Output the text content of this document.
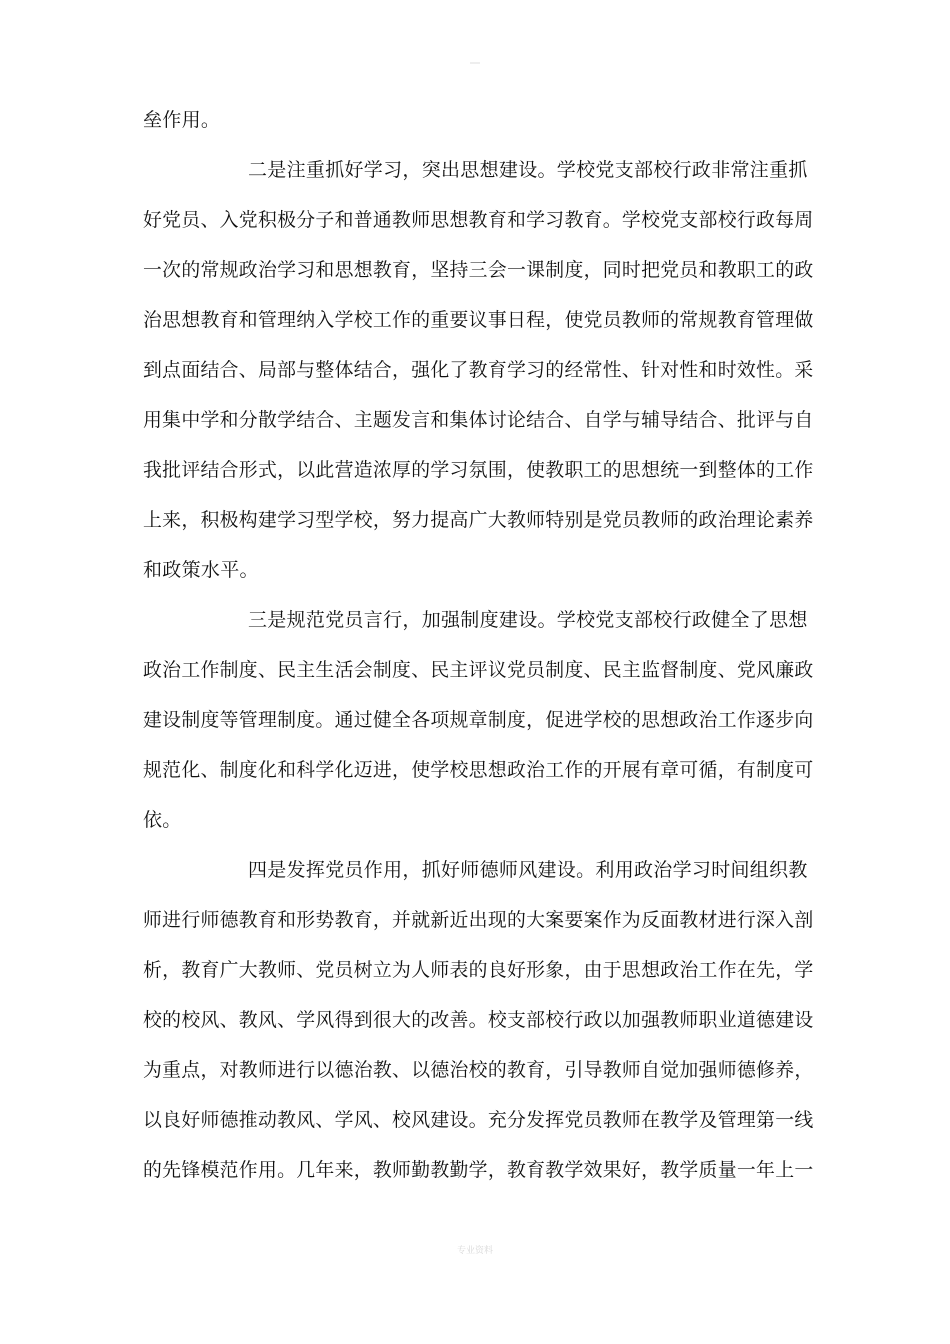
垒作用。
二是注重抓好学习，突出思想建设。学校党支部校行政非常注重抓
好党员、入党积极分子和普通教师思想教育和学习教育。学校党支部校行政每周
一次的常规政治学习和思想教育，坚持三会一课制度，同时把党员和教职工的政
治思想教育和管理纳入学校工作的重要议事日程，使党员教师的常规教育管理做
到点面结合、局部与整体结合，强化了教育学习的经常性、针对性和时效性。采
用集中学和分散学结合、主题发言和集体讨论结合、自学与辅导结合、批评与自
我批评结合形式，以此营造浓厚的学习氛围，使教职工的思想统一到整体的工作
上来，积极构建学习型学校，努力提高广大教师特别是党员教师的政治理论素养
和政策水平。
三是规范党员言行，加强制度建设。学校党支部校行政健全了思想
政治工作制度、民主生活会制度、民主评议党员制度、民主监督制度、党风廉政
建设制度等管理制度。通过健全各项规章制度，促进学校的思想政治工作逐步向
规范化、制度化和科学化迈进，使学校思想政治工作的开展有章可循，有制度可
依。
四是发挥党员作用，抓好师德师风建设。利用政治学习时间组织教
师进行师德教育和形势教育，并就新近出现的大案要案作为反面教材进行深入剖
析，教育广大教师、党员树立为人师表的良好形象，由于思想政治工作在先，学
校的校风、教风、学风得到很大的改善。校支部校行政以加强教师职业道德建设
为重点，对教师进行以德治教、以德治校的教育，引导教师自觉加强师德修养，
以良好师德推动教风、学风、校风建设。充分发挥党员教师在教学及管理第一线
的先锋模范作用。几年来，教师勤教勤学，教育教学效果好，教学质量一年上一
专业资料
